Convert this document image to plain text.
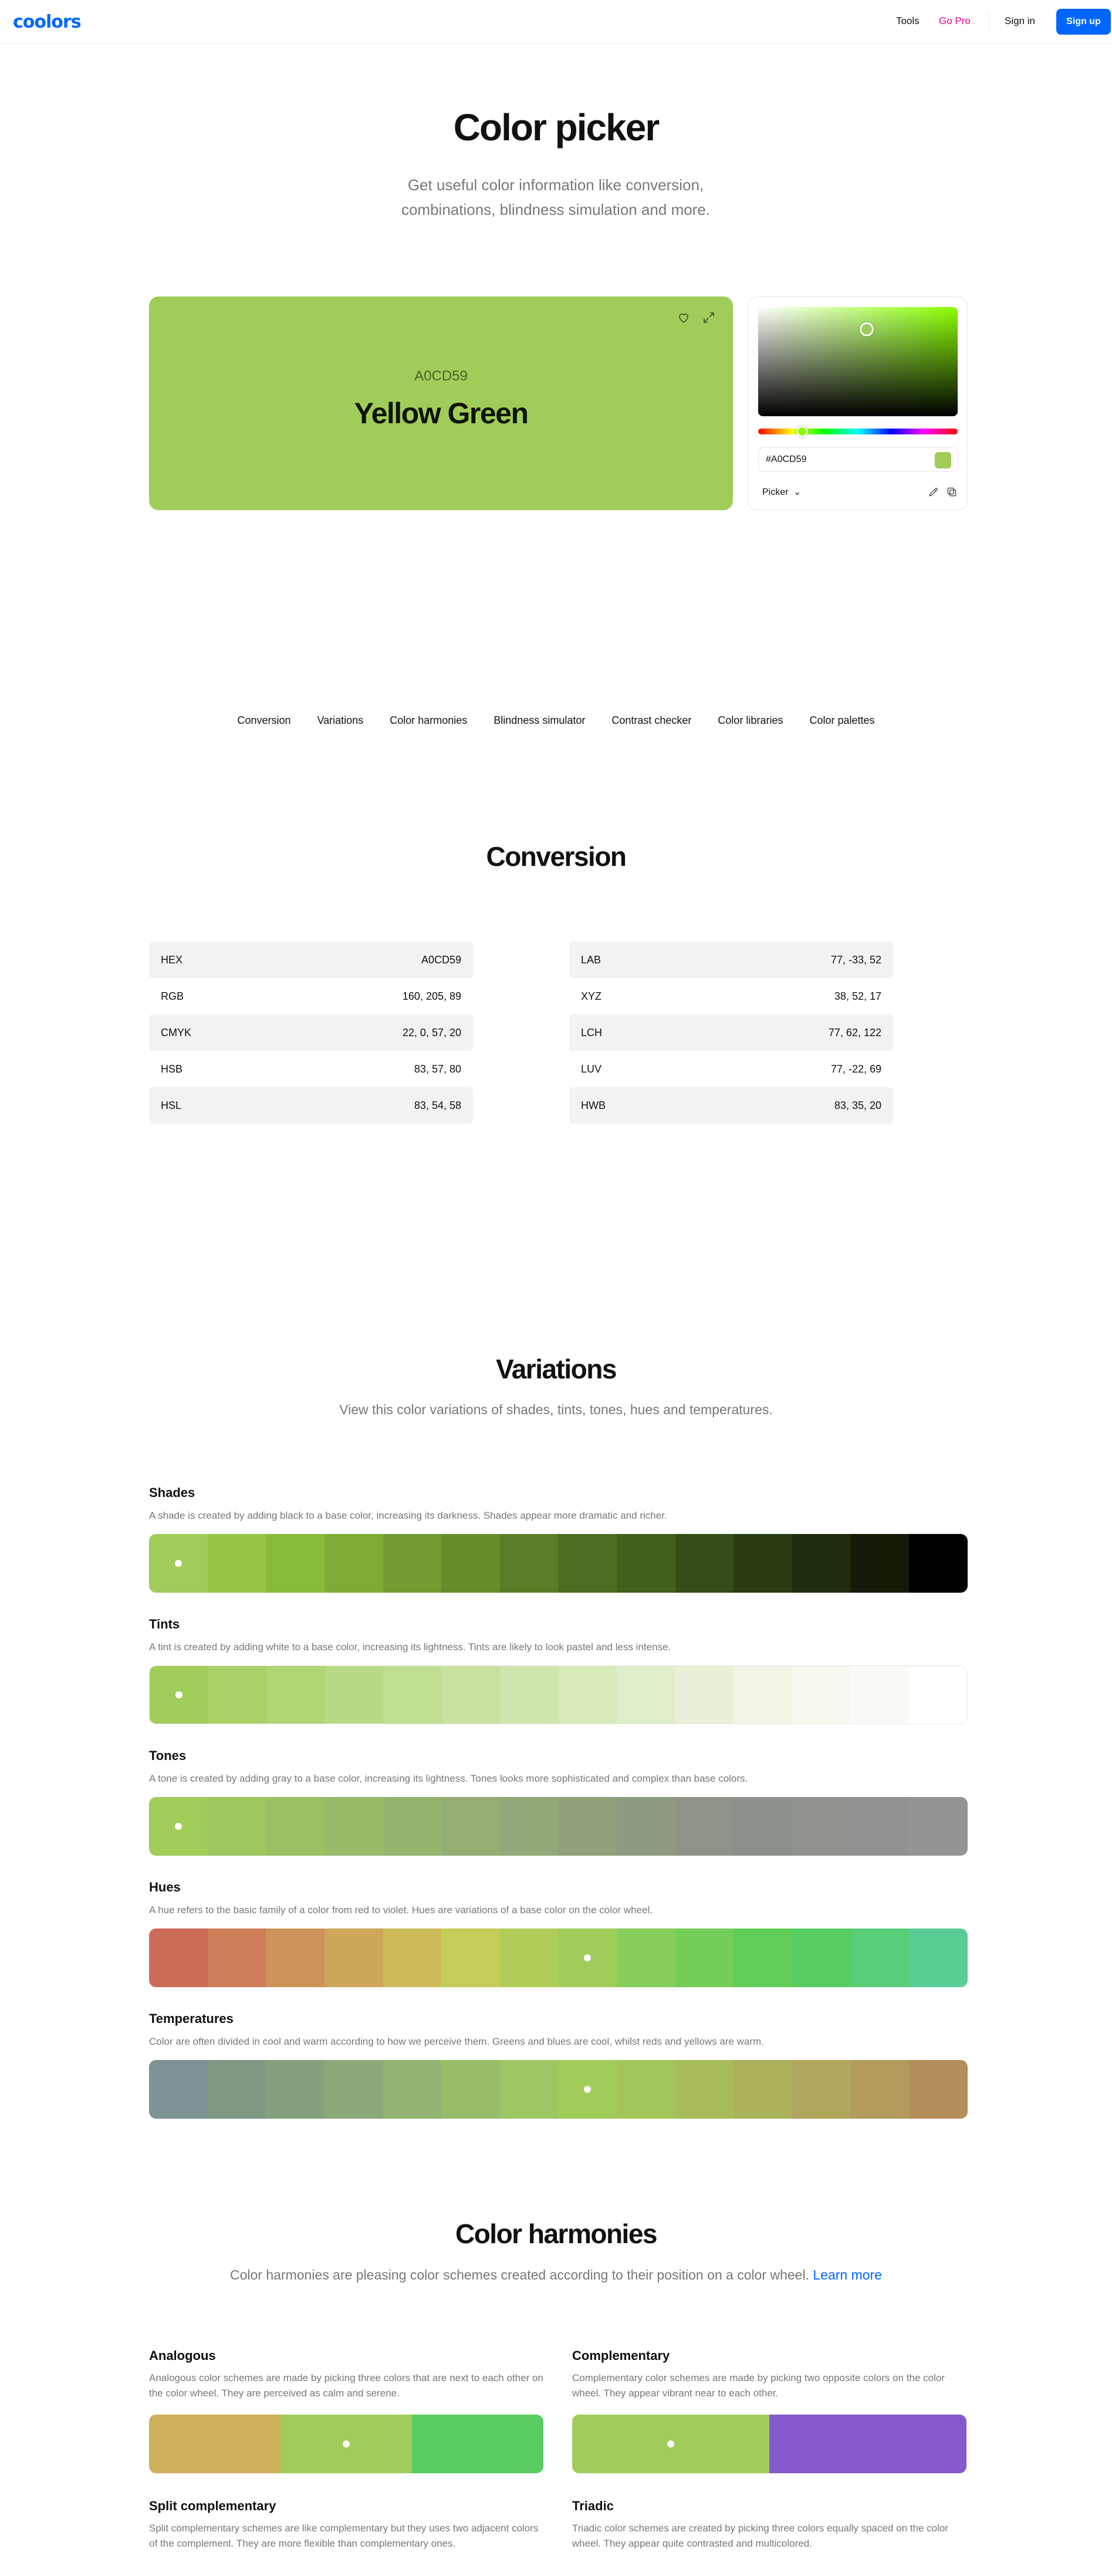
coolors	Tools Go Pro	Sign in	Sign up
Color picker
Get useful color information like conversion, combinations, blindness simulation and more.
A0CD59
Yellow Green
#A0CD59
Picker ⌄
Conversion	Variations	Color harmonies	Blindness simulator	Contrast checker	Color libraries	Color palettes
Conversion
HEX	A0CD59
RGB	160, 205, 89
CMYK	22, 0, 57, 20
HSB	83, 57, 80
HSL	83, 54, 58
LAB	77, -33, 52
XYZ	38, 52, 17
LCH	77, 62, 122
LUV	77, -22, 69
HWB	83, 35, 20
Variations
View this color variations of shades, tints, tones, hues and temperatures.
Shades
A shade is created by adding black to a base color, increasing its darkness. Shades appear more dramatic and richer.
Tints
A tint is created by adding white to a base color, increasing its lightness. Tints are likely to look pastel and less intense.
Tones
A tone is created by adding gray to a base color, increasing its lightness. Tones looks more sophisticated and complex than base colors.
Hues
A hue refers to the basic family of a color from red to violet. Hues are variations of a base color on the color wheel.
Temperatures
Color are often divided in cool and warm according to how we perceive them. Greens and blues are cool, whilst reds and yellows are warm.
Color harmonies
Color harmonies are pleasing color schemes created according to their position on a color wheel. Learn more
Analogous
Analogous color schemes are made by picking three colors that are next to each other on the color wheel. They are perceived as calm and serene.
Complementary
Complementary color schemes are made by picking two opposite colors on the color wheel. They appear vibrant near to each other.
Split complementary
Split complementary schemes are like complementary but they uses two adjacent colors of the complement. They are more flexible than complementary ones.
Triadic
Triadic color schemes are created by picking three colors equally spaced on the color wheel. They appear quite contrasted and multicolored.
